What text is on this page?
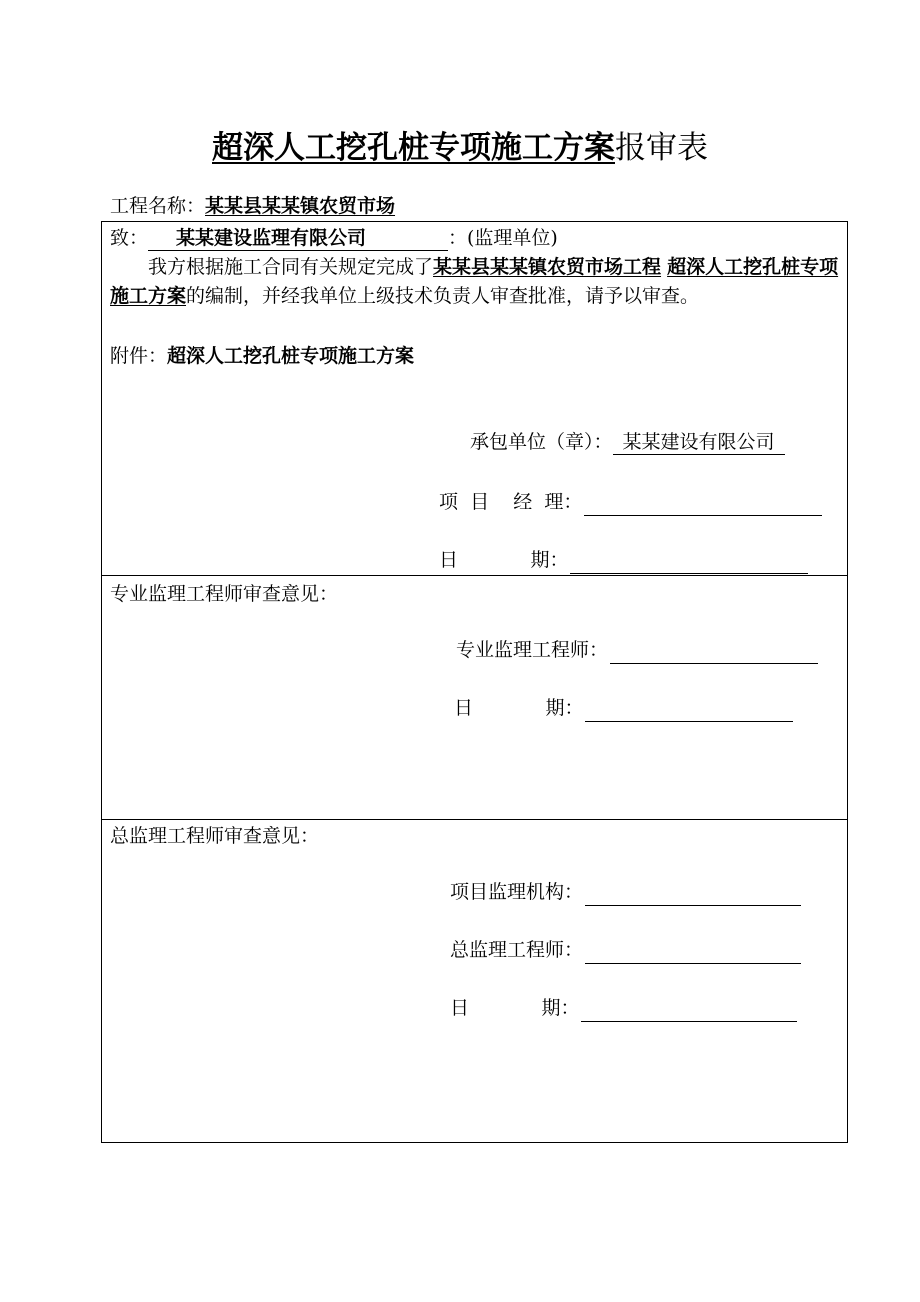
超深人工挖孔桩专项施工方案报审表
工程名称：某某县某某镇农贸市场
致： 某某建设监理有限公司	：(监理单位)
我方根据施工合同有关规定完成了某某县某某镇农贸市场工程 超深人工挖孔桩专项施工方案的编制，并经我单位上级技术负责人审查批准，请予以审查。
附件：超深人工挖孔桩专项施工方案
承包单位（章）： 某某建设有限公司
项  目    经  理：
日            期：
专业监理工程师审查意见：
专业监理工程师：
日            期：
总监理工程师审查意见：
项目监理机构：
总监理工程师：
日            期：
